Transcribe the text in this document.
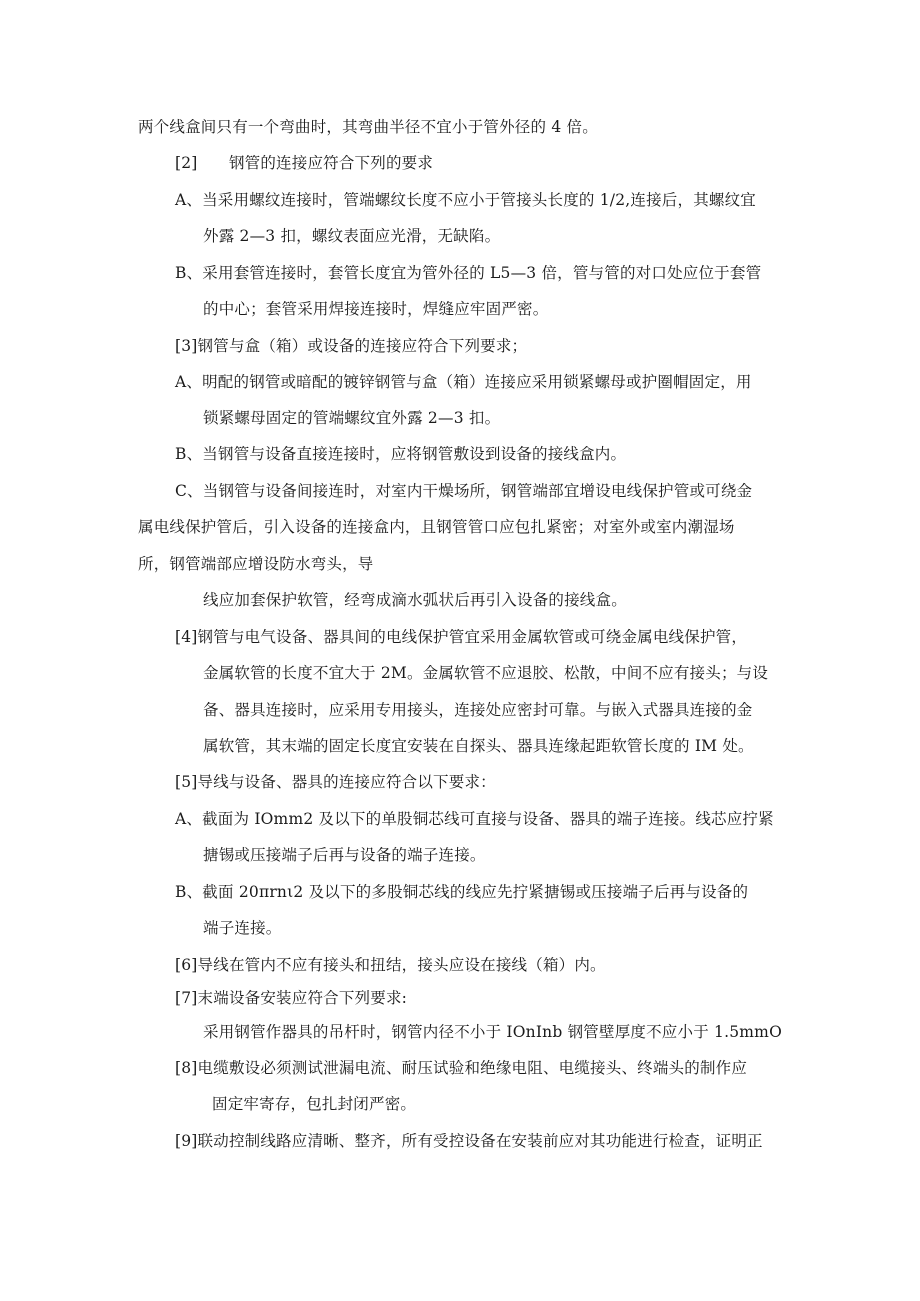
两个线盒间只有一个弯曲时，其弯曲半径不宜小于管外径的 4 倍。
[2]　　钢管的连接应符合下列的要求
A、当采用螺纹连接时，管端螺纹长度不应小于管接头长度的 1/2,连接后，其螺纹宜
外露 2—3 扣，螺纹表面应光滑，无缺陷。
B、采用套管连接时，套管长度宜为管外径的 L5—3 倍，管与管的对口处应位于套管
的中心；套管采用焊接连接时，焊缝应牢固严密。
[3]钢管与盒（箱）或设备的连接应符合下列要求；
A、明配的钢管或暗配的镀锌钢管与盒（箱）连接应采用锁紧螺母或护圈帽固定，用
锁紧螺母固定的管端螺纹宜外露 2—3 扣。
B、当钢管与设备直接连接时，应将钢管敷设到设备的接线盒内。
C、当钢管与设备间接连时，对室内干燥场所，钢管端部宜增设电线保护管或可绕金
属电线保护管后，引入设备的连接盒内，且钢管管口应包扎紧密；对室外或室内潮湿场
所，钢管端部应增设防水弯头，导
线应加套保护软管，经弯成滴水弧状后再引入设备的接线盒。
[4]钢管与电气设备、器具间的电线保护管宜采用金属软管或可绕金属电线保护管，
金属软管的长度不宜大于 2M。金属软管不应退胶、松散，中间不应有接头；与设
备、器具连接时，应采用专用接头，连接处应密封可靠。与嵌入式器具连接的金
属软管，其末端的固定长度宜安装在自探头、器具连缘起距软管长度的 IM 处。
[5]导线与设备、器具的连接应符合以下要求：
A、截面为 IOmm2 及以下的单股铜芯线可直接与设备、器具的端子连接。线芯应拧紧
搪锡或压接端子后再与设备的端子连接。
B、截面 20πrnι2 及以下的多股铜芯线的线应先拧紧搪锡或压接端子后再与设备的
端子连接。
[6]导线在管内不应有接头和扭结，接头应设在接线（箱）内。
[7]末端设备安装应符合下列要求:
采用钢管作器具的吊杆时，钢管内径不小于 IOnInb 钢管壁厚度不应小于 1.5mmO
[8]电缆敷设必须测试泄漏电流、耐压试验和绝缘电阻、电缆接头、终端头的制作应
固定牢寄存，包扎封闭严密。
[9]联动控制线路应清晰、整齐，所有受控设备在安装前应对其功能进行检查，证明正
